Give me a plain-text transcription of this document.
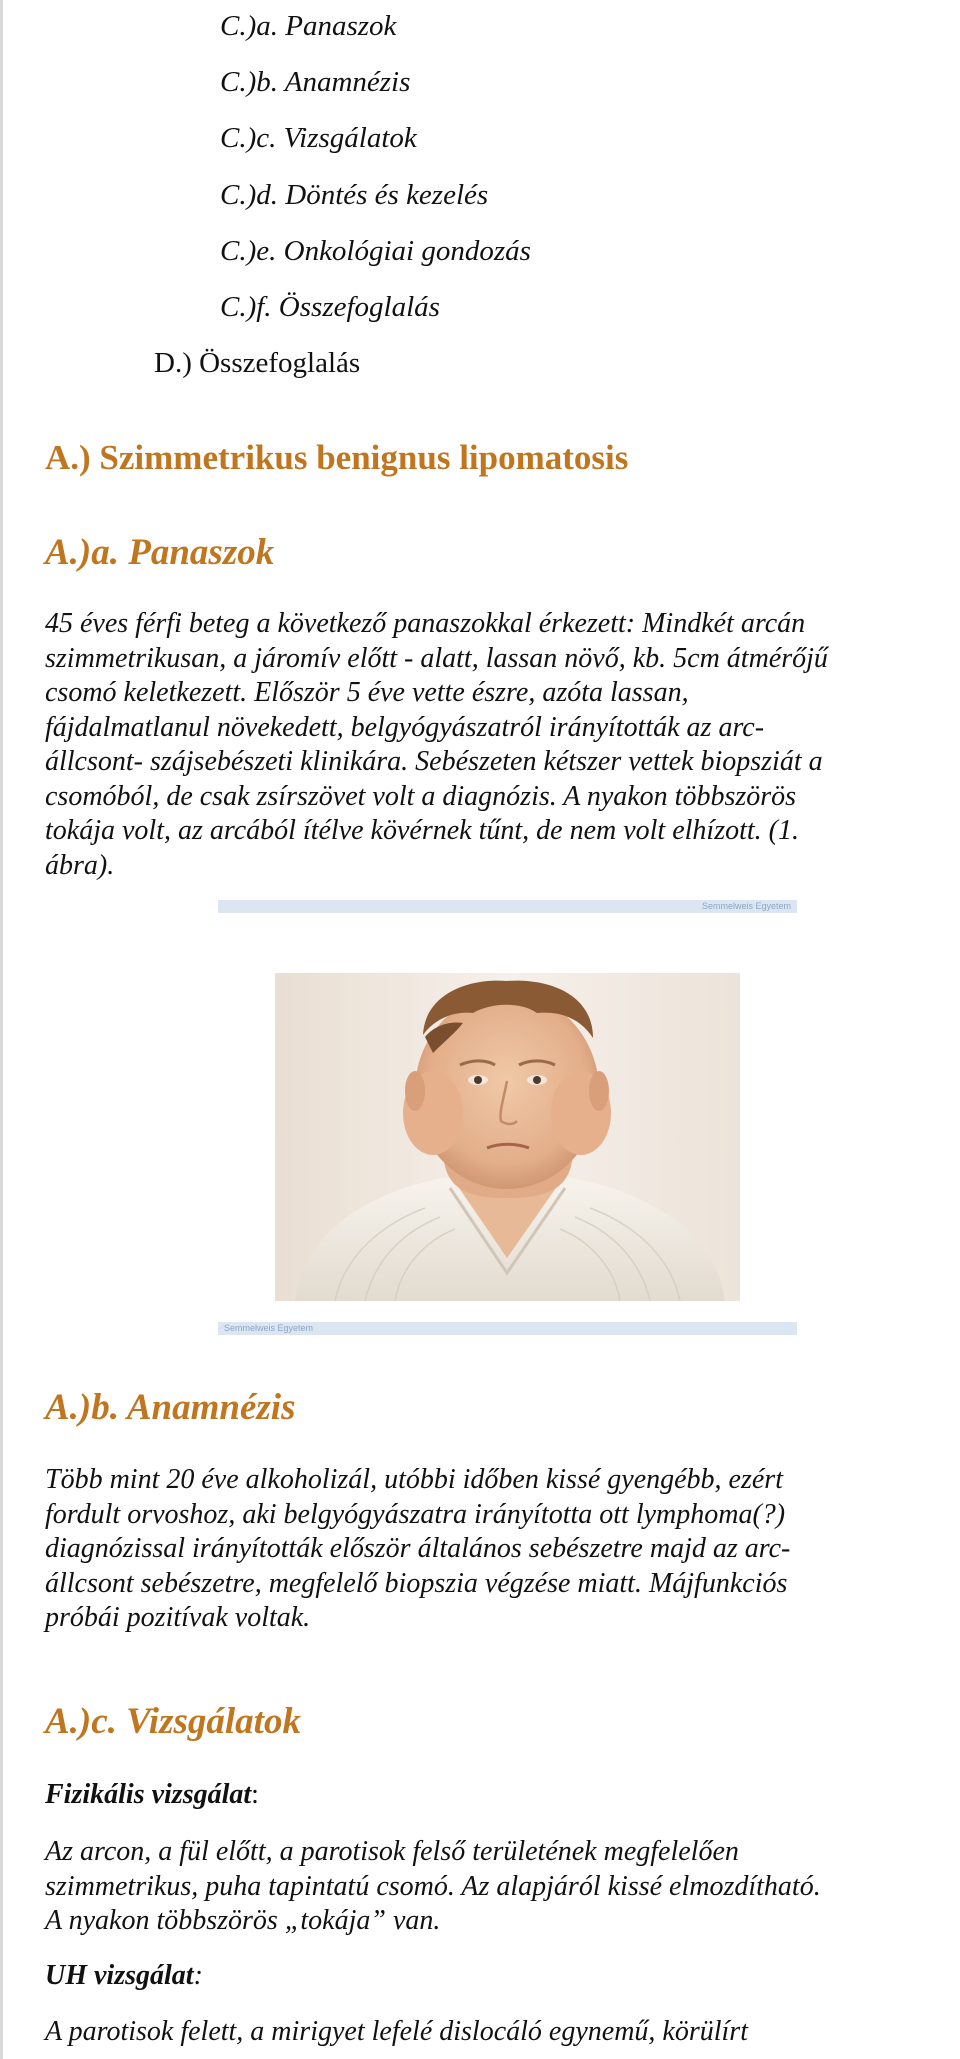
C.)a. Panaszok
C.)b. Anamnézis
C.)c. Vizsgálatok
C.)d. Döntés és kezelés
C.)e. Onkológiai gondozás
C.)f. Összefoglalás
D.) Összefoglalás
A.) Szimmetrikus benignus lipomatosis
A.)a. Panaszok
45 éves férfi beteg a következő panaszokkal érkezett: Mindkét arcán
szimmetrikusan, a járomív előtt - alatt, lassan növő, kb. 5cm átmérőjű
csomó keletkezett. Először 5 éve vette észre, azóta lassan,
fájdalmatlanul növekedett, belgyógyászatról irányították az arc-
állcsont- szájsebészeti klinikára. Sebészeten kétszer vettek biopsziát a
csomóból, de csak zsírszövet volt a diagnózis. A nyakon többszörös
tokája volt, az arcából ítélve kövérnek tűnt, de nem volt elhízott. (1.
ábra).
Semmelweis Egyetem
Semmelweis Egyetem
A.)b. Anamnézis
Több mint 20 éve alkoholizál, utóbbi időben kissé gyengébb, ezért
fordult orvoshoz, aki belgyógyászatra irányította ott lymphoma(?)
diagnózissal irányították először általános sebészetre majd az arc-
állcsont sebészetre, megfelelő biopszia végzése miatt. Májfunkciós
próbái pozitívak voltak.
A.)c. Vizsgálatok
Fizikális vizsgálat:
Az arcon, a fül előtt, a parotisok felső területének megfelelően
szimmetrikus, puha tapintatú csomó. Az alapjáról kissé elmozdítható.
A nyakon többszörös „tokája” van.
UH vizsgálat:
A parotisok felett, a mirigyet lefelé dislocáló egynemű, körülírt
